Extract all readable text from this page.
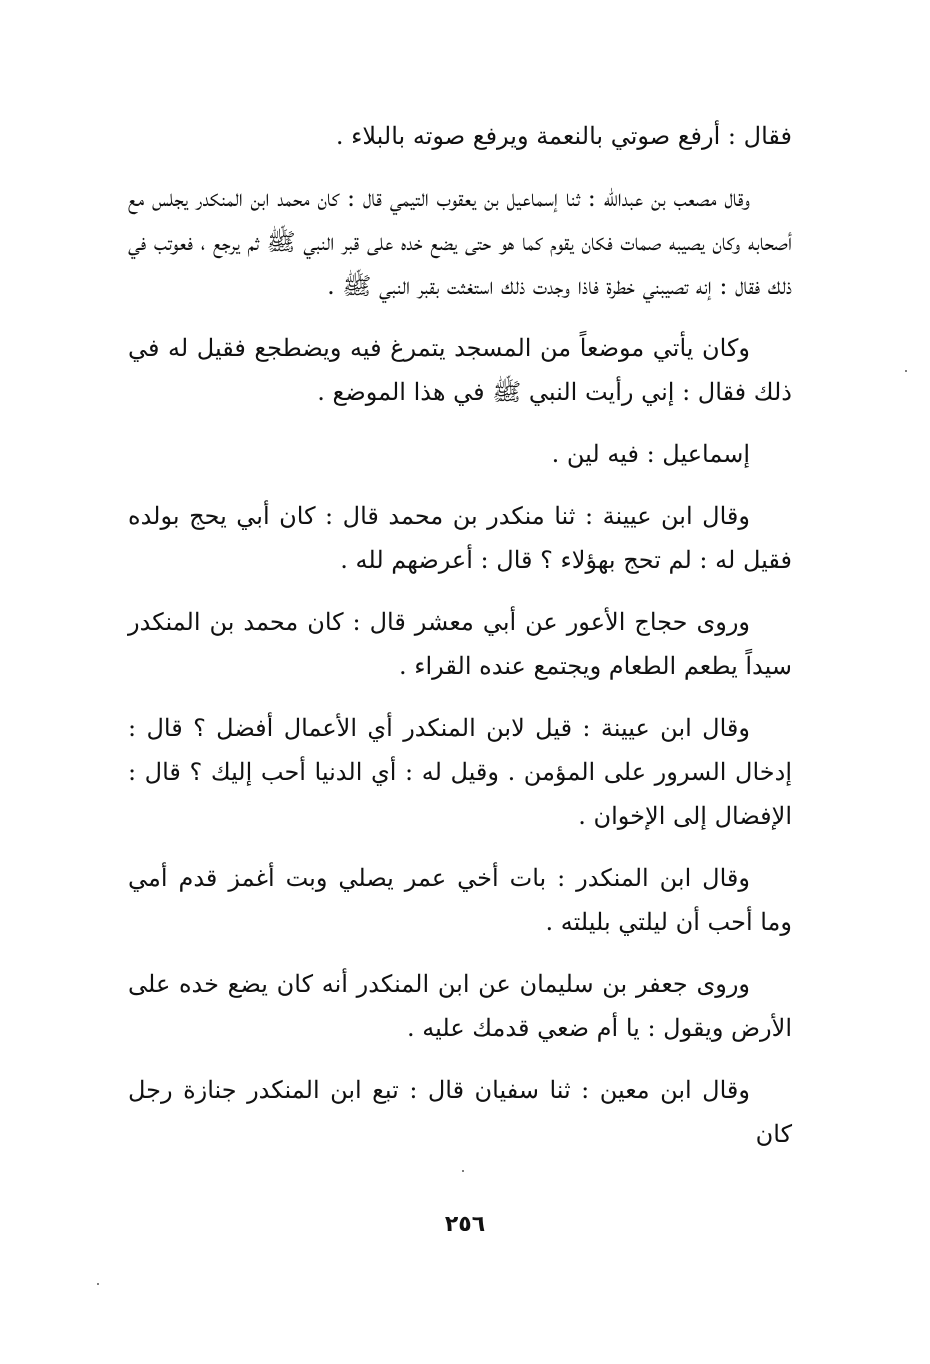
فقال : أرفع صوتي بالنعمة ويرفع صوته بالبلاء .

وقال مصعب بن عبدالله : ثنا إسماعيل بن يعقوب التيمي قال : كان محمد ابن المنكدر يجلس مع أصحابه وكان يصيبه صمات فكان يقوم كما هو حتى يضع خده على قبر النبي ﷺ ثم يرجع ، فعوتب في ذلك فقال : إنه تصيبني خطرة فاذا وجدت ذلك استغثت بقبر النبي ﷺ .

وكان يأتي موضعاً من المسجد يتمرغ فيه ويضطجع فقيل له في ذلك فقال : إني رأيت النبي ﷺ في هذا الموضع .

إسماعيل : فيه لين .

وقال ابن عيينة : ثنا منكدر بن محمد قال : كان أبي يحج بولده فقيل له : لم تحج بهؤلاء ؟ قال : أعرضهم لله .

وروى حجاج الأعور عن أبي معشر قال : كان محمد بن المنكدر سيداً يطعم الطعام ويجتمع عنده القراء .

وقال ابن عيينة : قيل لابن المنكدر أي الأعمال أفضل ؟ قال : إدخال السرور على المؤمن . وقيل له : أي الدنيا أحب إليك ؟ قال : الإفضال إلى الإخوان .

وقال ابن المنكدر : بات أخي عمر يصلي وبت أغمز قدم أمي وما أحب أن ليلتي بليلته .

وروى جعفر بن سليمان عن ابن المنكدر أنه كان يضع خده على الأرض ويقول : يا أم ضعي قدمك عليه .

وقال ابن معين : ثنا سفيان قال : تبع ابن المنكدر جنازة رجل كان

٢٥٦
